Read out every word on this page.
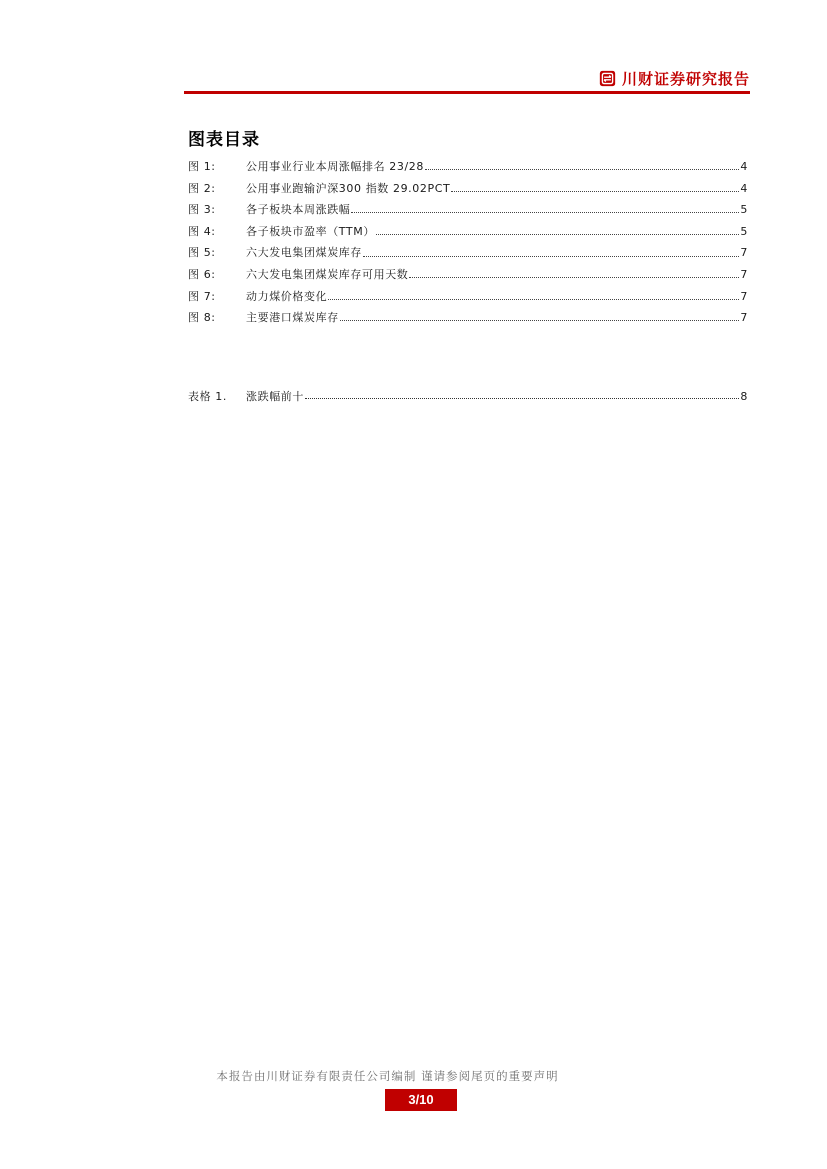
川财证券研究报告
图表目录
图 1:	公用事业行业本周涨幅排名 23/28	4
图 2:	公用事业跑输沪深300 指数 29.02PCT	4
图 3:	各子板块本周涨跌幅	5
图 4:	各子板块市盈率（TTM）	5
图 5:	六大发电集团煤炭库存	7
图 6:	六大发电集团煤炭库存可用天数	7
图 7:	动力煤价格变化	7
图 8:	主要港口煤炭库存	7
表格 1.	涨跌幅前十	8
本报告由川财证券有限责任公司编制 谨请参阅尾页的重要声明
3/10
